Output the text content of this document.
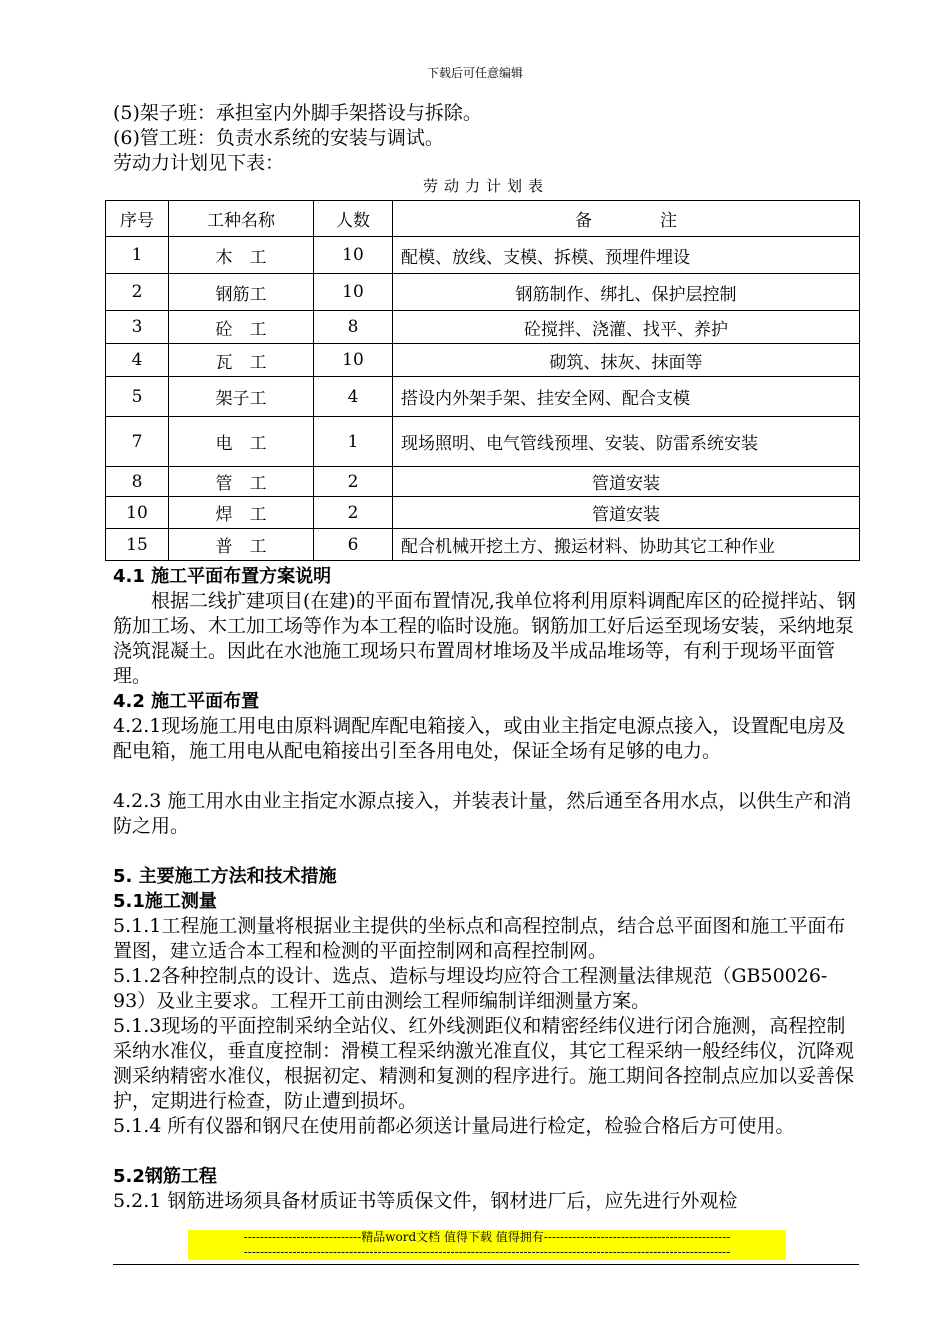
下载后可任意编辑
(5)架子班：承担室内外脚手架搭设与拆除。
(6)管工班：负责水系统的安装与调试。
劳动力计划见下表：
劳动力计划表
序号	工种名称	人数	备　　　　注
1	木　工	10	配模、放线、支模、拆模、预埋件埋设
2	钢筋工	10	钢筋制作、绑扎、保护层控制
3	砼　工	8	砼搅拌、浇灌、找平、养护
4	瓦　工	10	砌筑、抹灰、抹面等
5	架子工	4	搭设内外架手架、挂安全网、配合支模
7	电　工	1	现场照明、电气管线预埋、安装、防雷系统安装
8	管　工	2	管道安装
10	焊　工	2	管道安装
15	普　工	6	配合机械开挖土方、搬运材料、协助其它工种作业
4.1 施工平面布置方案说明
根据二线扩建项目(在建)的平面布置情况,我单位将利用原料调配库区的砼搅拌站、钢筋加工场、木工加工场等作为本工程的临时设施。钢筋加工好后运至现场安装，采纳地泵浇筑混凝土。因此在水池施工现场只布置周材堆场及半成品堆场等，有利于现场平面管理。
4.2 施工平面布置
4.2.1现场施工用电由原料调配库配电箱接入，或由业主指定电源点接入，设置配电房及配电箱，施工用电从配电箱接出引至各用电处，保证全场有足够的电力。
4.2.3 施工用水由业主指定水源点接入，并装表计量，然后通至各用水点，以供生产和消防之用。
5. 主要施工方法和技术措施
5.1施工测量
5.1.1工程施工测量将根据业主提供的坐标点和高程控制点，结合总平面图和施工平面布置图，建立适合本工程和检测的平面控制网和高程控制网。
5.1.2各种控制点的设计、选点、造标与埋设均应符合工程测量法律规范（GB50026-93）及业主要求。工程开工前由测绘工程师编制详细测量方案。
5.1.3现场的平面控制采纳全站仪、红外线测距仪和精密经纬仪进行闭合施测，高程控制采纳水准仪，垂直度控制：滑模工程采纳激光准直仪，其它工程采纳一般经纬仪，沉降观测采纳精密水准仪，根据初定、精测和复测的程序进行。施工期间各控制点应加以妥善保护，定期进行检查，防止遭到损坏。
5.1.4 所有仪器和钢尺在使用前都必须送计量局进行检定，检验合格后方可使用。
5.2钢筋工程
5.2.1 钢筋进场须具备材质证书等质保文件，钢材进厂后，应先进行外观检
-----------------------------精品word文档 值得下载 值得拥有----------------------------------------------
------------------------------------------------------------------------------------------------------------------------
